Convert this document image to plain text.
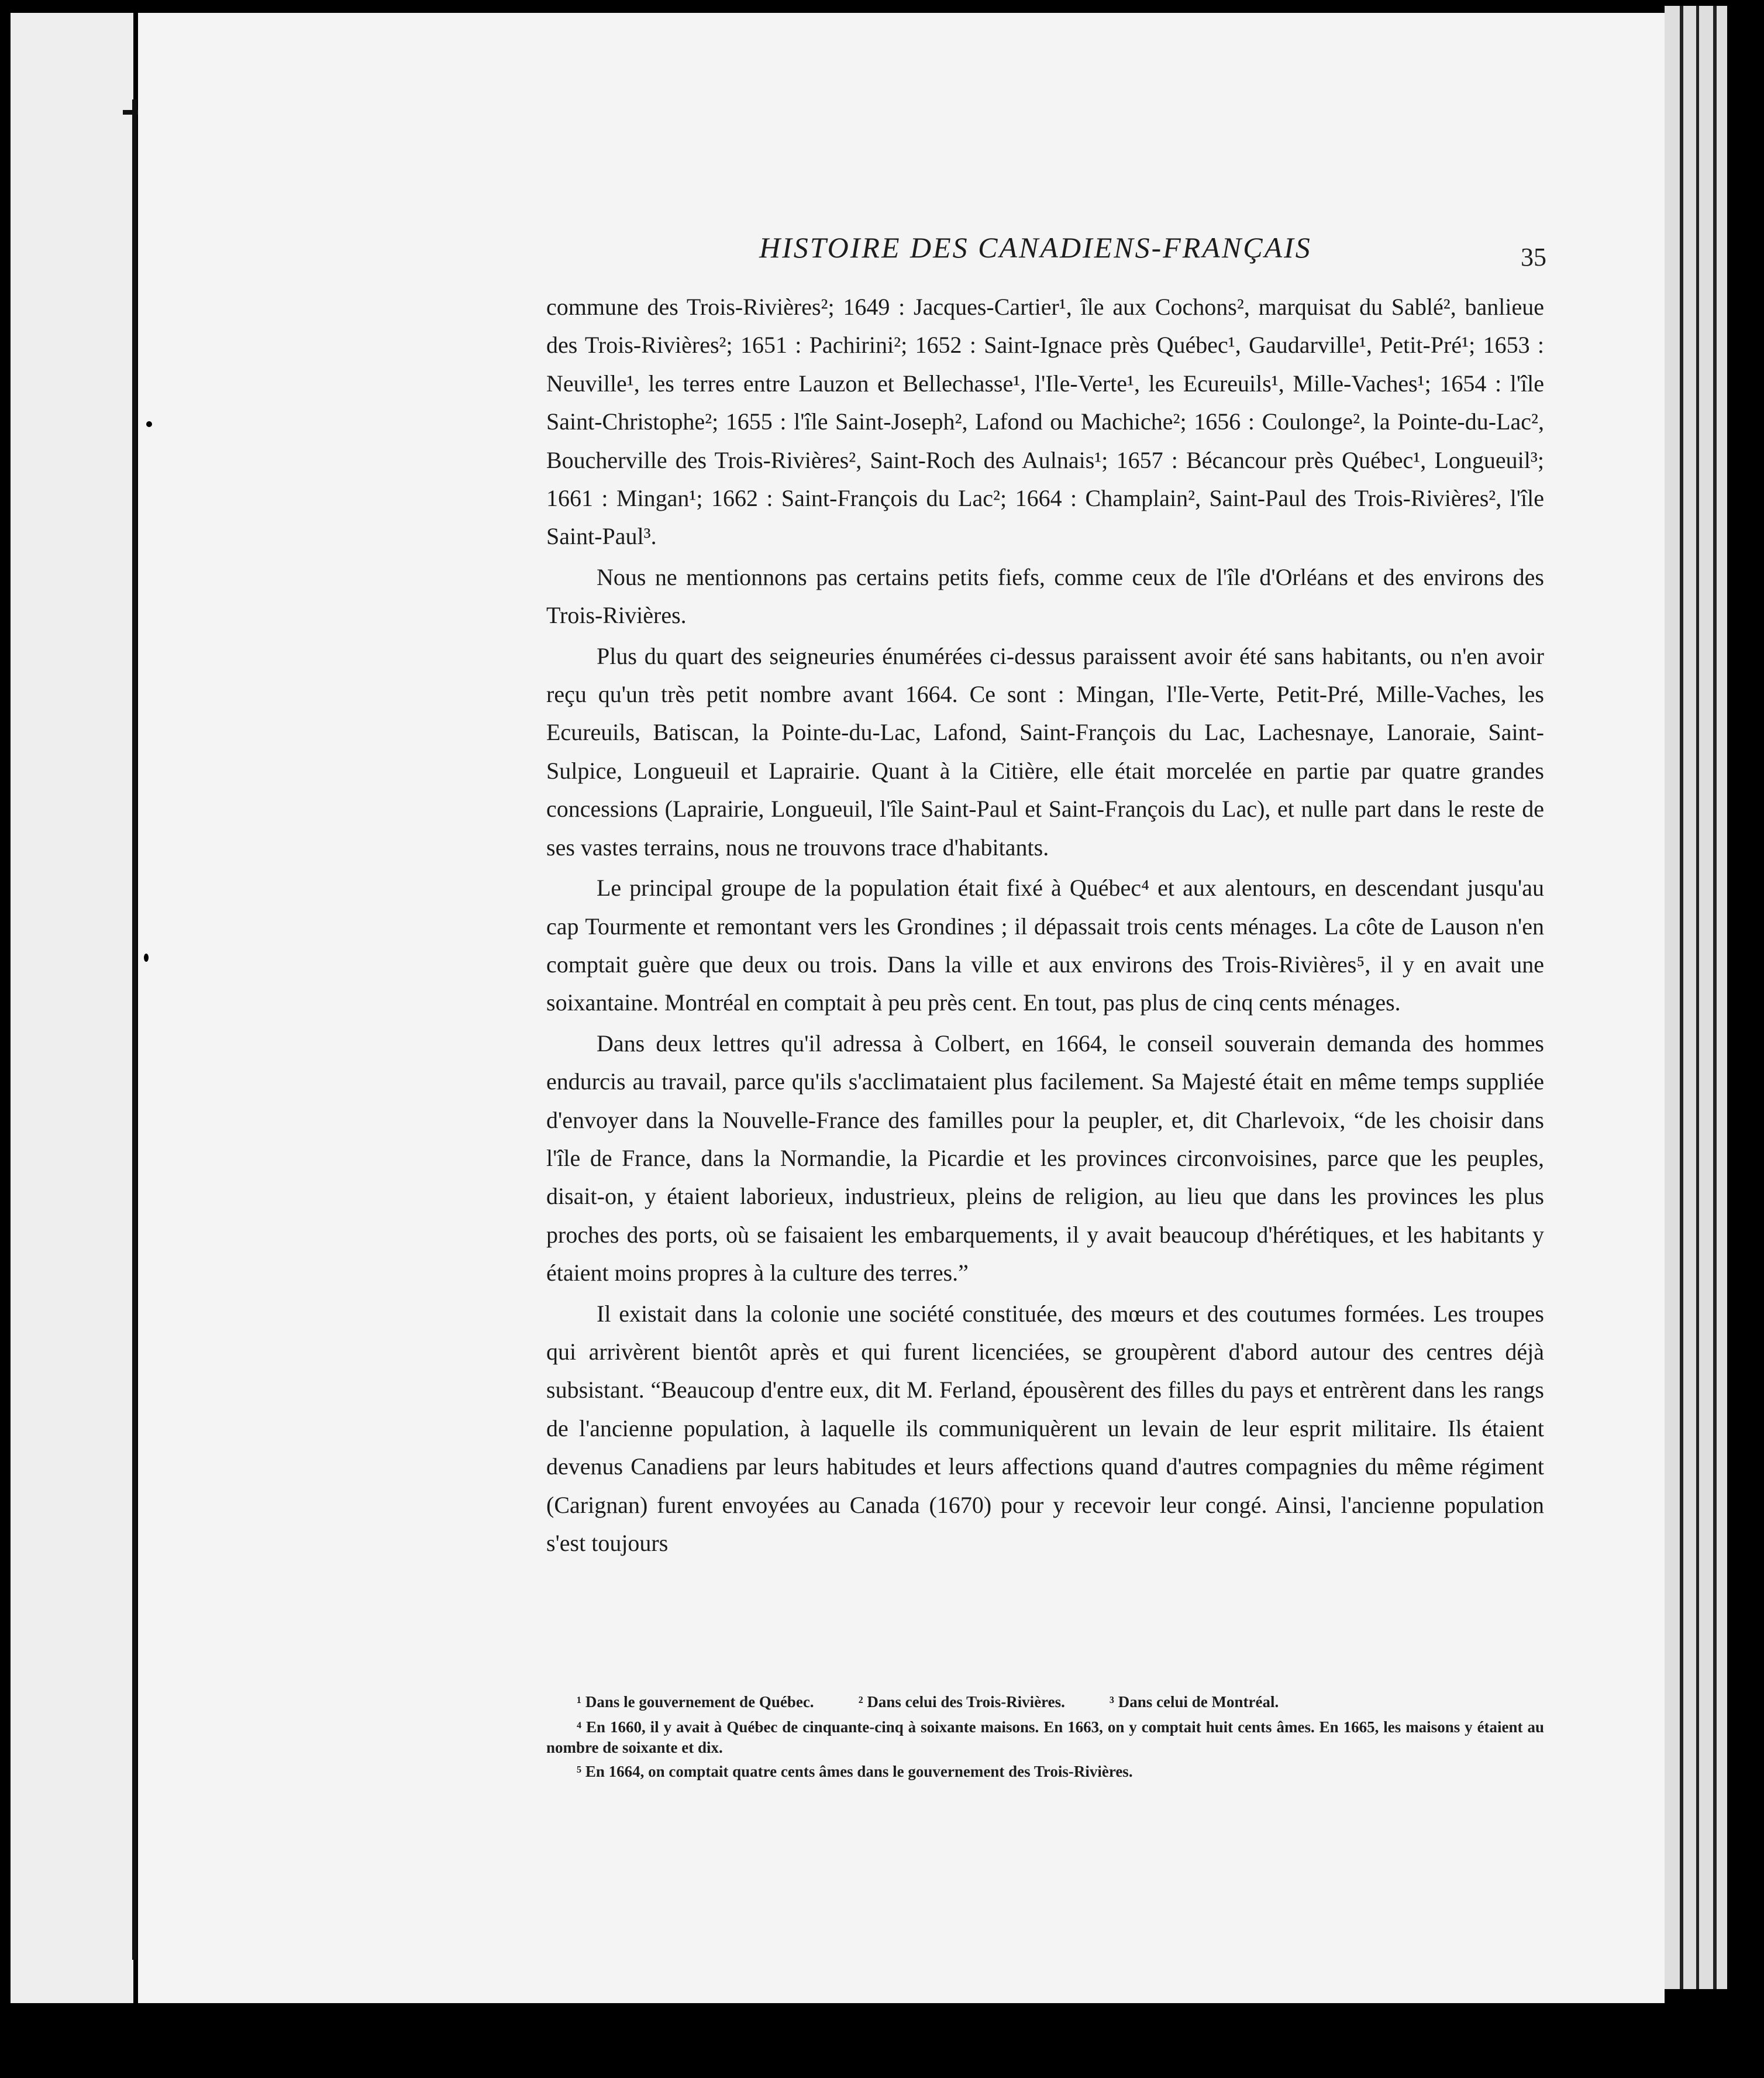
HISTOIRE DES CANADIENS-FRANÇAIS	35

commune des Trois-Rivières²; 1649 : Jacques-Cartier¹, île aux Cochons², marquisat du Sablé², banlieue des Trois-Rivières²; 1651 : Pachirini²; 1652 : Saint-Ignace près Québec¹, Gaudarville¹, Petit-Pré¹; 1653 : Neuville¹, les terres entre Lauzon et Bellechasse¹, l'Ile-Verte¹, les Ecureuils¹, Mille-Vaches¹; 1654 : l'île Saint-Christophe²; 1655 : l'île Saint-Joseph², Lafond ou Machiche²; 1656 : Coulonge², la Pointe-du-Lac², Boucherville des Trois-Rivières², Saint-Roch des Aulnais¹; 1657 : Bécancour près Québec¹, Longueuil³; 1661 : Mingan¹; 1662 : Saint-François du Lac²; 1664 : Champlain², Saint-Paul des Trois-Rivières², l'île Saint-Paul³.

Nous ne mentionnons pas certains petits fiefs, comme ceux de l'île d'Orléans et des environs des Trois-Rivières.

Plus du quart des seigneuries énumérées ci-dessus paraissent avoir été sans habitants, ou n'en avoir reçu qu'un très petit nombre avant 1664. Ce sont : Mingan, l'Ile-Verte, Petit-Pré, Mille-Vaches, les Ecureuils, Batiscan, la Pointe-du-Lac, Lafond, Saint-François du Lac, Lachesnaye, Lanoraie, Saint-Sulpice, Longueuil et Laprairie. Quant à la Citière, elle était morcelée en partie par quatre grandes concessions (Laprairie, Longueuil, l'île Saint-Paul et Saint-François du Lac), et nulle part dans le reste de ses vastes terrains, nous ne trouvons trace d'habitants.

Le principal groupe de la population était fixé à Québec⁴ et aux alentours, en descendant jusqu'au cap Tourmente et remontant vers les Grondines ; il dépassait trois cents ménages. La côte de Lauson n'en comptait guère que deux ou trois. Dans la ville et aux environs des Trois-Rivières⁵, il y en avait une soixantaine. Montréal en comptait à peu près cent. En tout, pas plus de cinq cents ménages.

Dans deux lettres qu'il adressa à Colbert, en 1664, le conseil souverain demanda des hommes endurcis au travail, parce qu'ils s'acclimataient plus facilement. Sa Majesté était en même temps suppliée d'envoyer dans la Nouvelle-France des familles pour la peupler, et, dit Charlevoix, “de les choisir dans l'île de France, dans la Normandie, la Picardie et les provinces circonvoisines, parce que les peuples, disait-on, y étaient laborieux, industrieux, pleins de religion, au lieu que dans les provinces les plus proches des ports, où se faisaient les embarquements, il y avait beaucoup d'hérétiques, et les habitants y étaient moins propres à la culture des terres.”

Il existait dans la colonie une société constituée, des mœurs et des coutumes formées. Les troupes qui arrivèrent bientôt après et qui furent licenciées, se groupèrent d'abord autour des centres déjà subsistant. “Beaucoup d'entre eux, dit M. Ferland, épousèrent des filles du pays et entrèrent dans les rangs de l'ancienne population, à laquelle ils communiquèrent un levain de leur esprit militaire. Ils étaient devenus Canadiens par leurs habitudes et leurs affections quand d'autres compagnies du même régiment (Carignan) furent envoyées au Canada (1670) pour y recevoir leur congé. Ainsi, l'ancienne population s'est toujours

¹ Dans le gouvernement de Québec.	² Dans celui des Trois-Rivières.	³ Dans celui de Montréal.

⁴ En 1660, il y avait à Québec de cinquante-cinq à soixante maisons. En 1663, on y comptait huit cents âmes. En 1665, les maisons y étaient au nombre de soixante et dix.

⁵ En 1664, on comptait quatre cents âmes dans le gouvernement des Trois-Rivières.
